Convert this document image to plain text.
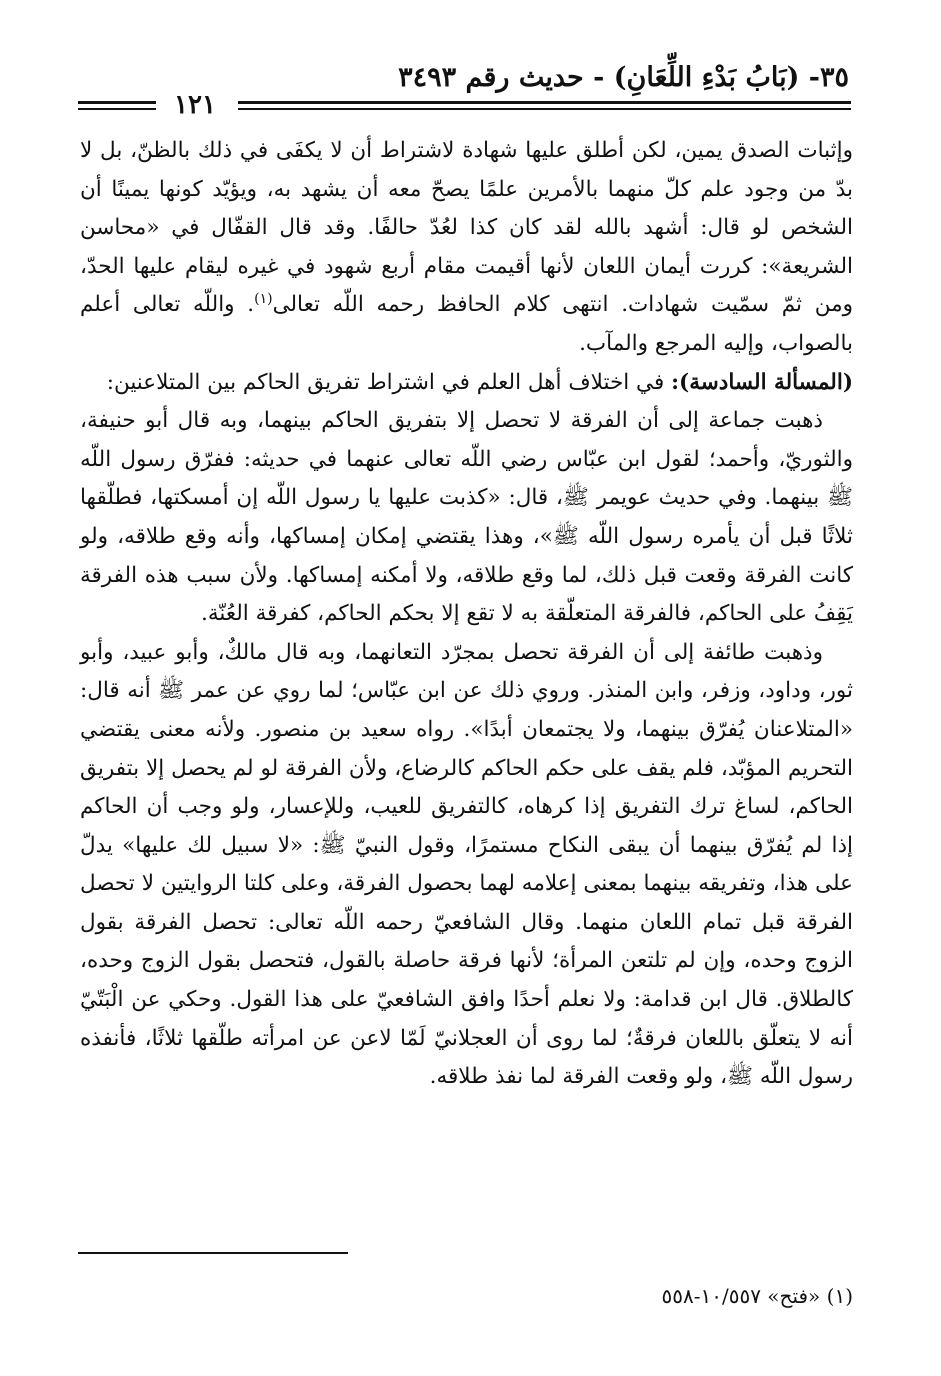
٣٥- (بَابُ بَدْءِ اللِّعَانِ) - حديث رقم ٣٤٩٣
١٢١

وإثبات الصدق يمين، لكن أطلق عليها شهادة لاشتراط أن لا يكفَى في ذلك بالظنّ، بل لا بدّ من وجود علم كلّ منهما بالأمرين علمًا يصحّ معه أن يشهد به، ويؤيّد كونها يمينًا أن الشخص لو قال: أشهد بالله لقد كان كذا لعُدّ حالفًا. وقد قال القفّال في «محاسن الشريعة»: كررت أيمان اللعان لأنها أقيمت مقام أربع شهود في غيره ليقام عليها الحدّ، ومن ثمّ سمّيت شهادات. انتهى كلام الحافظ رحمه اللّه تعالى$^{(١)}$. واللّه تعالى أعلم بالصواب، وإليه المرجع والمآب.

(المسألة السادسة): في اختلاف أهل العلم في اشتراط تفريق الحاكم بين المتلاعنين:

ذهبت جماعة إلى أن الفرقة لا تحصل إلا بتفريق الحاكم بينهما، وبه قال أبو حنيفة، والثوريّ، وأحمد؛ لقول ابن عبّاس رضي اللّه تعالى عنهما في حديثه: ففرّق رسول اللّه ﷺ بينهما. وفي حديث عويمر ﷺ، قال: «كذبت عليها يا رسول اللّه إن أمسكتها، فطلّقها ثلاثًا قبل أن يأمره رسول اللّه ﷺ»، وهذا يقتضي إمكان إمساكها، وأنه وقع طلاقه، ولو كانت الفرقة وقعت قبل ذلك، لما وقع طلاقه، ولا أمكنه إمساكها. ولأن سبب هذه الفرقة يَقِفُ على الحاكم، فالفرقة المتعلّقة به لا تقع إلا بحكم الحاكم، كفرقة العُنّة.

وذهبت طائفة إلى أن الفرقة تحصل بمجرّد التعانهما، وبه قال مالكٌ، وأبو عبيد، وأبو ثور، وداود، وزفر، وابن المنذر. وروي ذلك عن ابن عبّاس؛ لما روي عن عمر ﷺ أنه قال: «المتلاعنان يُفرّق بينهما، ولا يجتمعان أبدًا». رواه سعيد بن منصور. ولأنه معنى يقتضي التحريم المؤبّد، فلم يقف على حكم الحاكم كالرضاع، ولأن الفرقة لو لم يحصل إلا بتفريق الحاكم، لساغ ترك التفريق إذا كرهاه، كالتفريق للعيب، وللإعسار، ولو وجب أن الحاكم إذا لم يُفرّق بينهما أن يبقى النكاح مستمرًا، وقول النبيّ ﷺ: «لا سبيل لك عليها» يدلّ على هذا، وتفريقه بينهما بمعنى إعلامه لهما بحصول الفرقة، وعلى كلتا الروايتين لا تحصل الفرقة قبل تمام اللعان منهما. وقال الشافعيّ رحمه اللّه تعالى: تحصل الفرقة بقول الزوج وحده، وإن لم تلتعن المرأة؛ لأنها فرقة حاصلة بالقول، فتحصل بقول الزوج وحده، كالطلاق. قال ابن قدامة: ولا نعلم أحدًا وافق الشافعيّ على هذا القول. وحكي عن الْبَتّيّ أنه لا يتعلّق باللعان فرقةٌ؛ لما روى أن العجلانيّ لَمّا لاعن عن امرأته طلّقها ثلاثًا، فأنفذه رسول اللّه ﷺ، ولو وقعت الفرقة لما نفذ طلاقه.

(١) «فتح» ١٠/٥٥٧-٥٥٨
